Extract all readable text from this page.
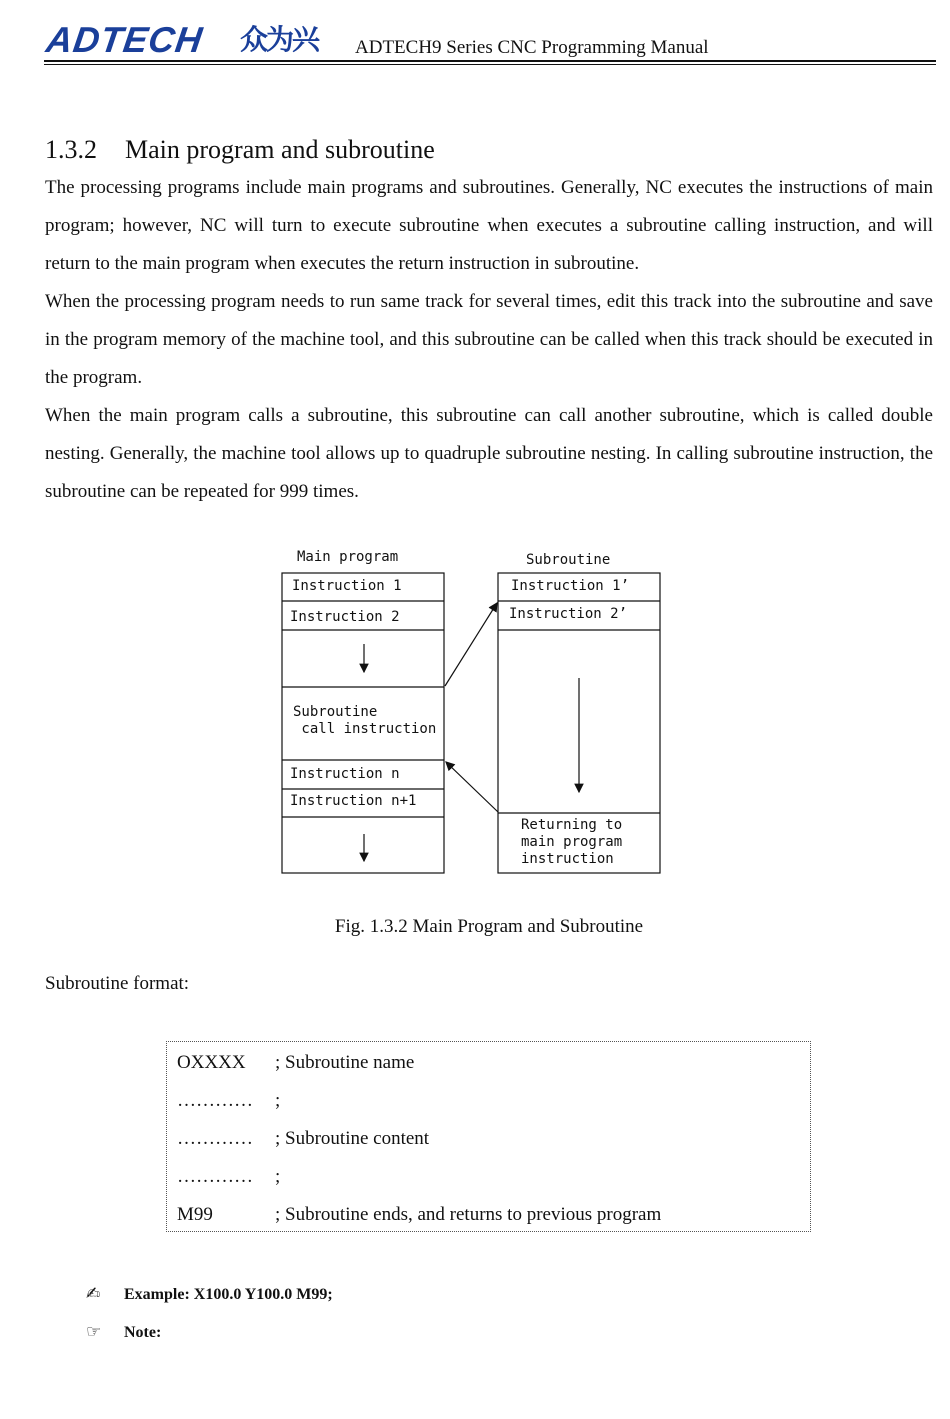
ADTECH 众为兴 ADTECH9 Series CNC Programming Manual
1.3.2 Main program and subroutine

The processing programs include main programs and subroutines. Generally, NC executes the instructions of main program; however, NC will turn to execute subroutine when executes a subroutine calling instruction, and will return to the main program when executes the return instruction in subroutine.

When the processing program needs to run same track for several times, edit this track into the subroutine and save in the program memory of the machine tool, and this subroutine can be called when this track should be executed in the program.

When the main program calls a subroutine, this subroutine can call another subroutine, which is called double nesting. Generally, the machine tool allows up to quadruple subroutine nesting. In calling subroutine instruction, the subroutine can be repeated for 999 times.

Main program	Subroutine
Instruction 1
Instruction 2
Subroutine
call instruction
Instruction n
Instruction n+1
Instruction 1’
Instruction 2’
Returning to
main program
instruction
Fig. 1.3.2 Main Program and Subroutine
Subroutine format:
OXXXX ; Subroutine name
………… ;
………… ; Subroutine content
………… ;
M99	; Subroutine ends, and returns to previous program
✍ Example: X100.0 Y100.0 M99;
☞ Note:
